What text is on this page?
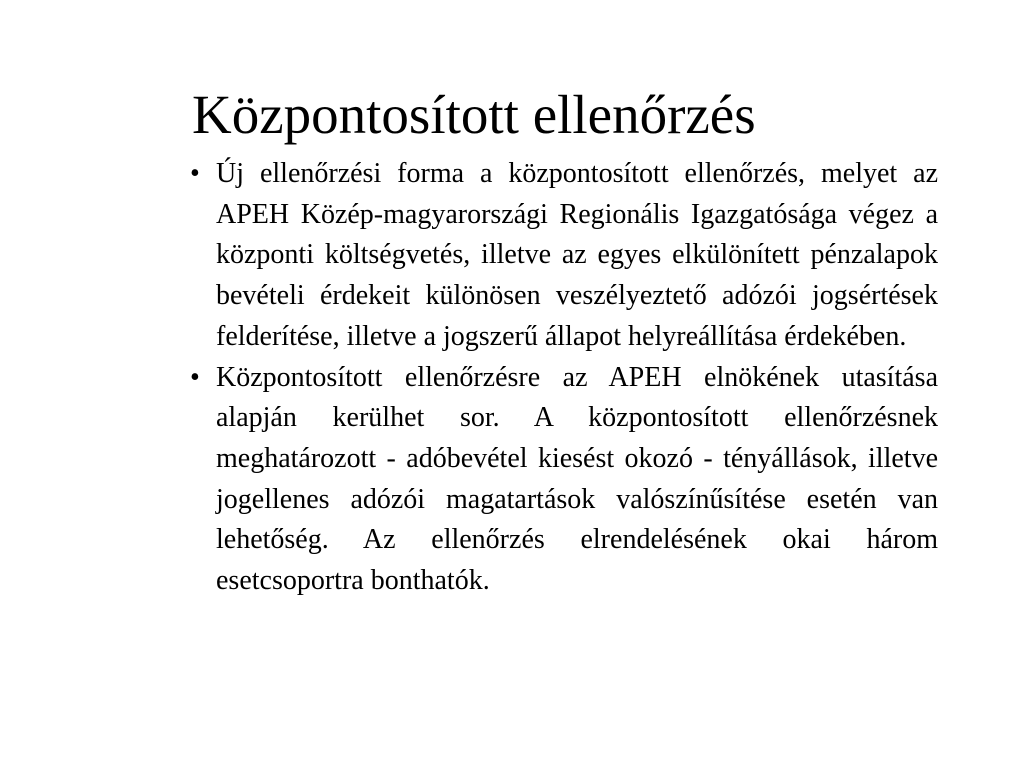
Központosított ellenőrzés
• Új ellenőrzési forma a központosított ellenőrzés, melyet az APEH Közép-magyarországi Regionális Igazgatósága végez a központi költségvetés, illetve az egyes elkülönített pénzalapok bevételi érdekeit különösen veszélyeztető adózói jogsértések felderítése, illetve a jogszerű állapot helyreállítása érdekében.
• Központosított ellenőrzésre az APEH elnökének utasítása alapján kerülhet sor. A központosított ellenőrzésnek meghatározott - adóbevétel kiesést okozó - tényállások, illetve jogellenes adózói magatartások valószínűsítése esetén van lehetőség. Az ellenőrzés elrendelésének okai három esetcsoportra bonthatók.
